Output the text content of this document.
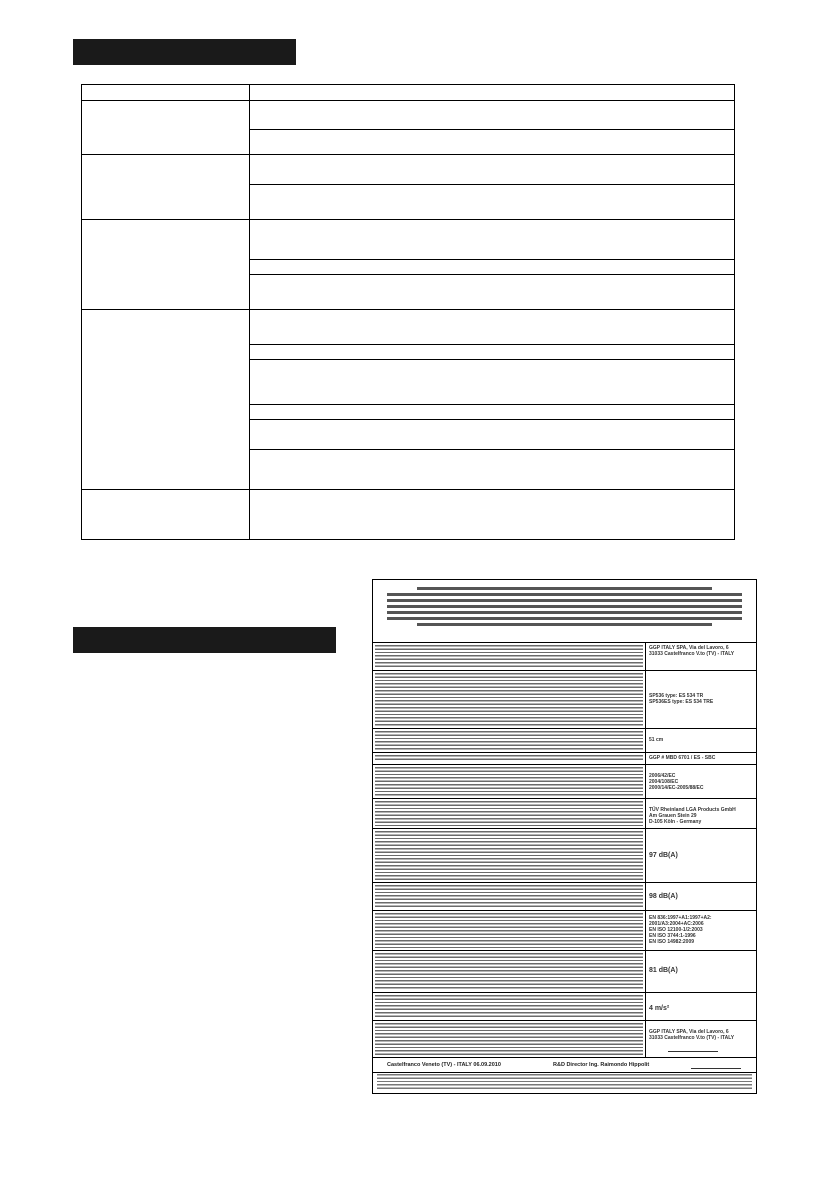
GGP ITALY SPA, Via del Lavoro, 6
31033 Castelfranco V.to (TV) - ITALY
SP536 type: ES 534 TR
SP536ES type: ES 534 TRE
51 cm
GGP # MBD 6701 / ES - SBC
2006/42/EC
2004/108/EC
2000/14/EC-2005/88/EC
TÜV Rheinland LGA Products GmbH
Am Grauen Stein 29
D-105 Köln - Germany
97 dB(A)
98 dB(A)
EN 836:1997+A1:1997+A2:
2001/A3:2004+AC:2006
EN ISO 12100-1/2:2003
EN ISO 3744:1-1996
EN ISO 14982:2009
81 dB(A)
4 m/s²

GGP ITALY SPA, Via del Lavoro, 6
31033 Castelfranco V.to (TV) - ITALY

Castelfranco Veneto (TV) - ITALY 06.09.2010	R&D Director Ing. Raimondo Hippolit
